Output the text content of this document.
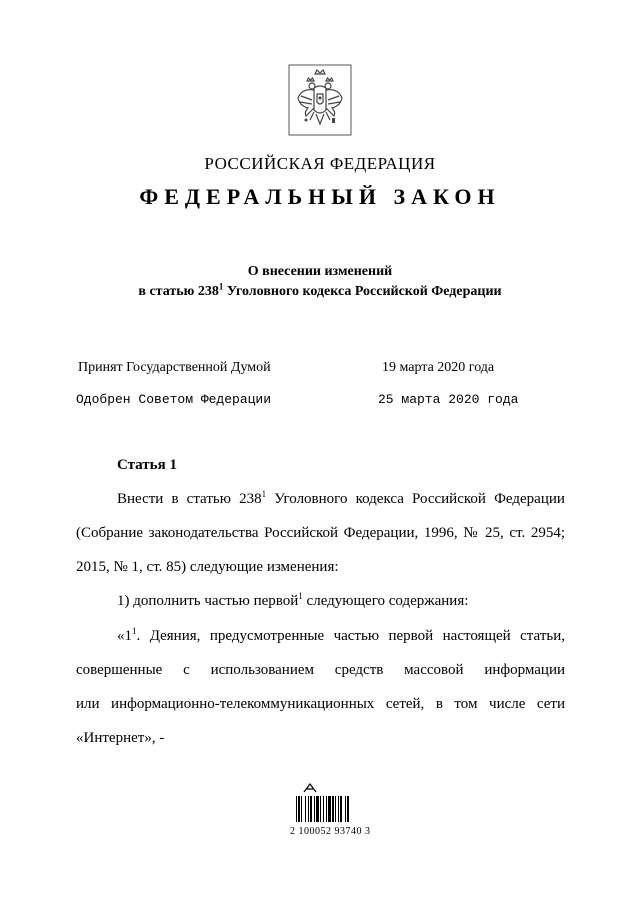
РОССИЙСКАЯ ФЕДЕРАЦИЯ
ФЕДЕРАЛЬНЫЙ ЗАКОН
О внесении изменений
в статью $238^1$ Уголовного кодекса Российской Федерации
Принят Государственной Думой	19 марта 2020 года
Одобрен Советом Федерации	25 марта 2020 года
Статья 1
Внести в статью $238^1$ Уголовного кодекса Российской Федерации
(Собрание законодательства Российской Федерации, 1996, № 25, ст. 2954;
2015, № 1, ст. 85) следующие изменения:
1) дополнить частью первой$^1$ следующего содержания:
«$1^1$. Деяния, предусмотренные частью первой настоящей статьи,
совершенные с использованием средств массовой информации
или информационно-телекоммуникационных сетей, в том числе сети
«Интернет», -
2 100052 93740 3
